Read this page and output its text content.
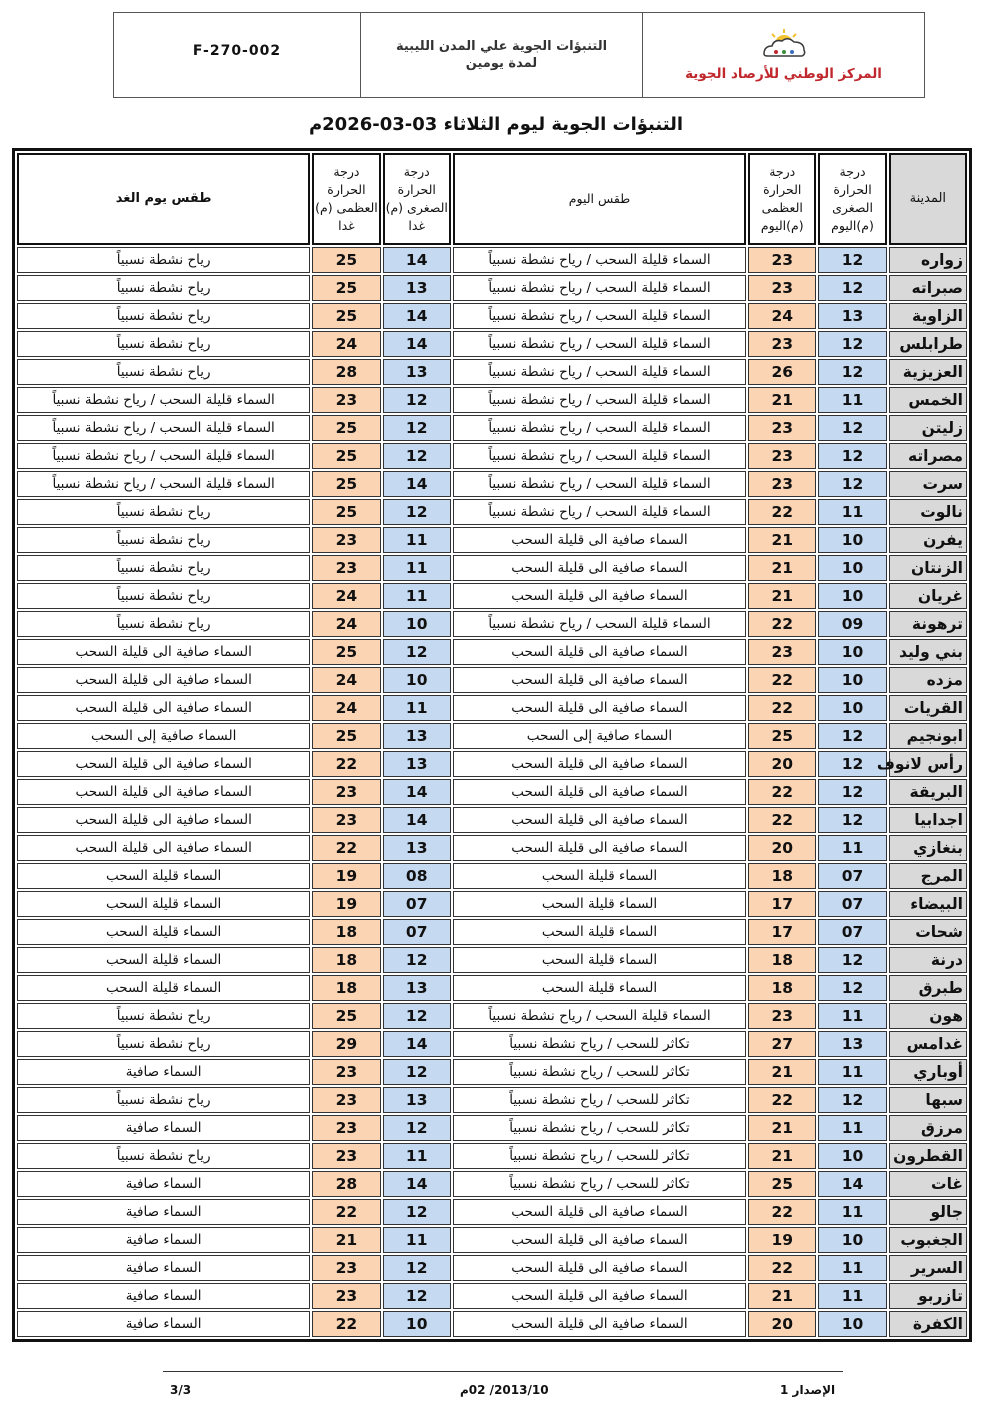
F-270-002	التنبؤات الجوية علي المدن الليبية
لمدة يومين
المركز الوطني للأرصاد الجوية
التنبؤات الجوية ليوم الثلاثاء 03-03-2026م
المدينة	درجة الحرارة الصغرى (م)اليوم	درجة الحرارة العظمى (م)اليوم	طقس اليوم	درجة الحرارة الصغرى (م) غدا	درجة الحرارة العظمى (م) غدا	طقس يوم الغد
زواره	12	23	السماء قليلة السحب / رياح نشطة نسبياً	14	25	رياح نشطة نسبياً
صبراته	12	23	السماء قليلة السحب / رياح نشطة نسبياً	13	25	رياح نشطة نسبياً
الزاوية	13	24	السماء قليلة السحب / رياح نشطة نسبياً	14	25	رياح نشطة نسبياً
طرابلس	12	23	السماء قليلة السحب / رياح نشطة نسبياً	14	24	رياح نشطة نسبياً
العزيزية	12	26	السماء قليلة السحب / رياح نشطة نسبياً	13	28	رياح نشطة نسبياً
الخمس	11	21	السماء قليلة السحب / رياح نشطة نسبياً	12	23	السماء قليلة السحب / رياح نشطة نسبياً
زليتن	12	23	السماء قليلة السحب / رياح نشطة نسبياً	12	25	السماء قليلة السحب / رياح نشطة نسبياً
مصراته	12	23	السماء قليلة السحب / رياح نشطة نسبياً	12	25	السماء قليلة السحب / رياح نشطة نسبياً
سرت	12	23	السماء قليلة السحب / رياح نشطة نسبياً	14	25	السماء قليلة السحب / رياح نشطة نسبياً
نالوت	11	22	السماء قليلة السحب / رياح نشطة نسبياً	12	25	رياح نشطة نسبياً
يفرن	10	21	السماء صافية الى قليلة السحب	11	23	رياح نشطة نسبياً
الزنتان	10	21	السماء صافية الى قليلة السحب	11	23	رياح نشطة نسبياً
غريان	10	21	السماء صافية الى قليلة السحب	11	24	رياح نشطة نسبياً
ترهونة	09	22	السماء قليلة السحب / رياح نشطة نسبياً	10	24	رياح نشطة نسبياً
بني وليد	10	23	السماء صافية الى قليلة السحب	12	25	السماء صافية الى قليلة السحب
مزده	10	22	السماء صافية الى قليلة السحب	10	24	السماء صافية الى قليلة السحب
القريات	10	22	السماء صافية الى قليلة السحب	11	24	السماء صافية الى قليلة السحب
ابونجيم	12	25	السماء صافية إلى السحب	13	25	السماء صافية إلى السحب
رأس لانوف	12	20	السماء صافية الى قليلة السحب	13	22	السماء صافية الى قليلة السحب
البريقة	12	22	السماء صافية الى قليلة السحب	14	23	السماء صافية الى قليلة السحب
اجدابيا	12	22	السماء صافية الى قليلة السحب	14	23	السماء صافية الى قليلة السحب
بنغازي	11	20	السماء صافية الى قليلة السحب	13	22	السماء صافية الى قليلة السحب
المرج	07	18	السماء قليلة السحب	08	19	السماء قليلة السحب
البيضاء	07	17	السماء قليلة السحب	07	19	السماء قليلة السحب
شحات	07	17	السماء قليلة السحب	07	18	السماء قليلة السحب
درنة	12	18	السماء قليلة السحب	12	18	السماء قليلة السحب
طبرق	12	18	السماء قليلة السحب	13	18	السماء قليلة السحب
هون	11	23	السماء قليلة السحب / رياح نشطة نسبياً	12	25	رياح نشطة نسبياً
غدامس	13	27	تكاثر للسحب / رياح نشطة نسبياً	14	29	رياح نشطة نسبياً
أوباري	11	21	تكاثر للسحب / رياح نشطة نسبياً	12	23	السماء صافية
سبها	12	22	تكاثر للسحب / رياح نشطة نسبياً	13	23	رياح نشطة نسبياً
مرزق	11	21	تكاثر للسحب / رياح نشطة نسبياً	12	23	السماء صافية
القطرون	10	21	تكاثر للسحب / رياح نشطة نسبياً	11	23	رياح نشطة نسبياً
غات	14	25	تكاثر للسحب / رياح نشطة نسبياً	14	28	السماء صافية
جالو	11	22	السماء صافية الى قليلة السحب	12	22	السماء صافية
الجغبوب	10	19	السماء صافية الى قليلة السحب	11	21	السماء صافية
السرير	11	22	السماء صافية الى قليلة السحب	12	23	السماء صافية
تازربو	11	21	السماء صافية الى قليلة السحب	12	23	السماء صافية
الكفرة	10	20	السماء صافية الى قليلة السحب	10	22	السماء صافية
3/3	2013/10/ 02م	الإصدار 1
